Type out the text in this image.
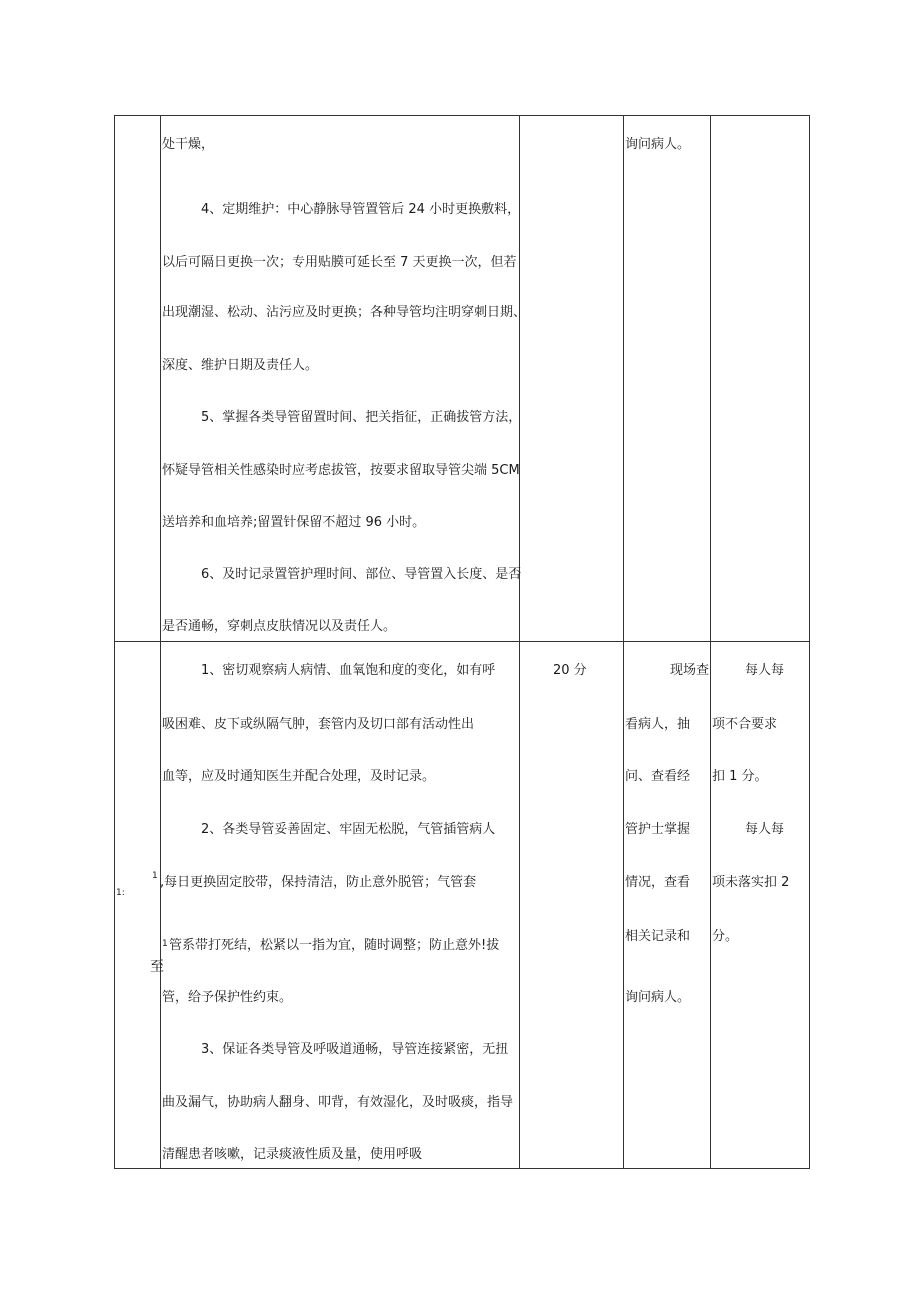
处干燥，
4、定期维护：中心静脉导管置管后 24 小时更换敷料，
以后可隔日更换一次；专用贴膜可延长至 7 天更换一次，但若
出现潮湿、松动、沾污应及时更换；各种导管均注明穿刺日期、
深度、维护日期及责任人。
5、掌握各类导管留置时间、把关指征，正确拔管方法，
怀疑导管相关性感染时应考虑拔管，按要求留取导管尖端 5CM
送培养和血培养;留置针保留不超过 96 小时。
6、及时记录置管护理时间、部位、导管置入长度、是否
是否通畅，穿刺点皮肤情况以及责任人。
询问病人。
1:
至
1
1
1、密切观察病人病情、血氧饱和度的变化，如有呼
吸困难、皮下或纵隔气肿，套管内及切口部有活动性出
血等，应及时通知医生并配合处理，及时记录。
2、各类导管妥善固定、牢固无松脱，气管插管病人
,每日更换固定胶带，保持清洁，防止意外脱管；气管套
管系带打死结，松紧以一指为宜，随时调整；防止意外!拔
管，给予保护性约束。
3、保证各类导管及呼吸道通畅，导管连接紧密，无扭
曲及漏气，协助病人翻身、叩背，有效湿化，及时吸痰，指导
清醒患者咳嗽，记录痰液性质及量，使用呼吸
20 分	现场查
看病人，抽
问、查看经
管护士掌握
情况，查看
相关记录和
询问病人。
每人每
项不合要求
扣 1 分。
每人每
项未落实扣 2
分。
